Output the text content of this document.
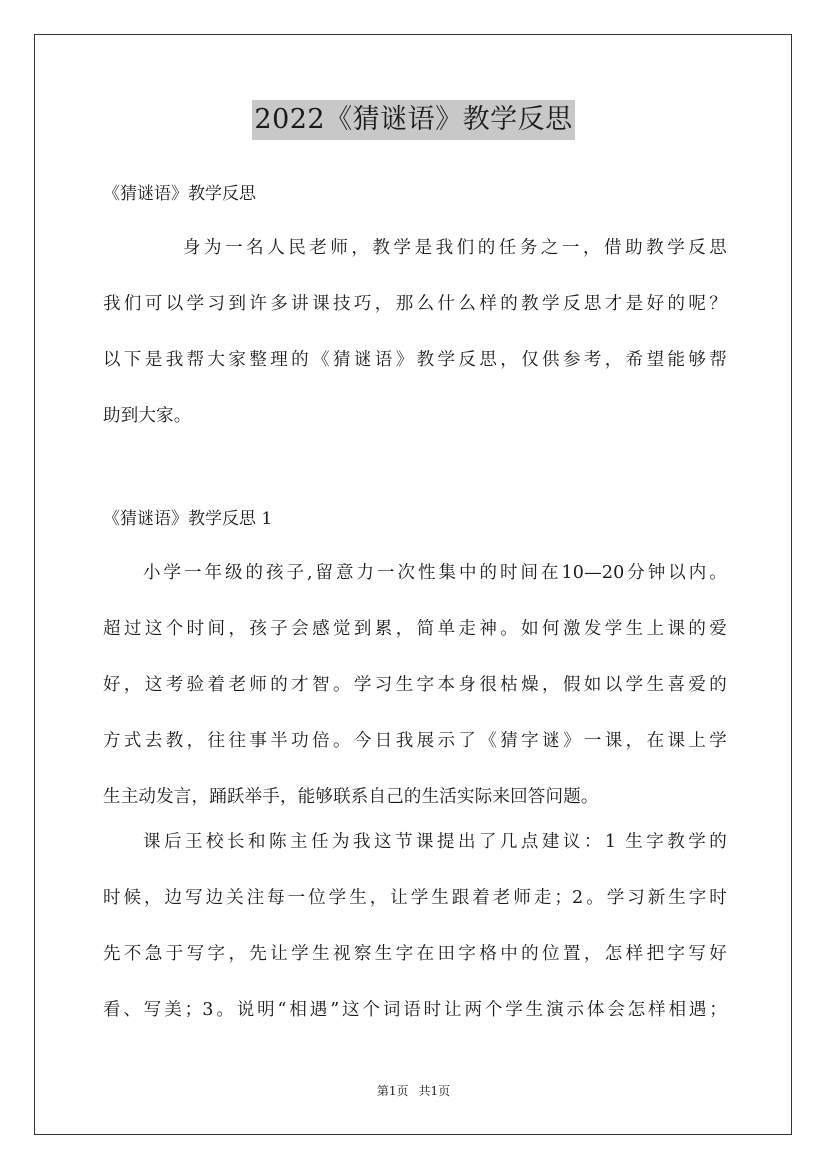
2022《猜谜语》教学反思
《猜谜语》教学反思
身为一名人民老师，教学是我们的任务之一，借助教学反思
我们可以学习到许多讲课技巧，那么什么样的教学反思才是好的呢？
以下是我帮大家整理的《猜谜语》教学反思，仅供参考，希望能够帮
助到大家。
《猜谜语》教学反思 1
小学一年级的孩子,留意力一次性集中的时间在10—20分钟以内。
超过这个时间，孩子会感觉到累，简单走神。如何激发学生上课的爱
好，这考验着老师的才智。学习生字本身很枯燥，假如以学生喜爱的
方式去教，往往事半功倍。今日我展示了《猜字谜》一课，在课上学
生主动发言，踊跃举手，能够联系自己的生活实际来回答问题。
课后王校长和陈主任为我这节课提出了几点建议：1 生字教学的
时候，边写边关注每一位学生，让学生跟着老师走；2。学习新生字时
先不急于写字，先让学生视察生字在田字格中的位置，怎样把字写好
看、写美；3。说明“相遇”这个词语时让两个学生演示体会怎样相遇；
第1页 共1页
